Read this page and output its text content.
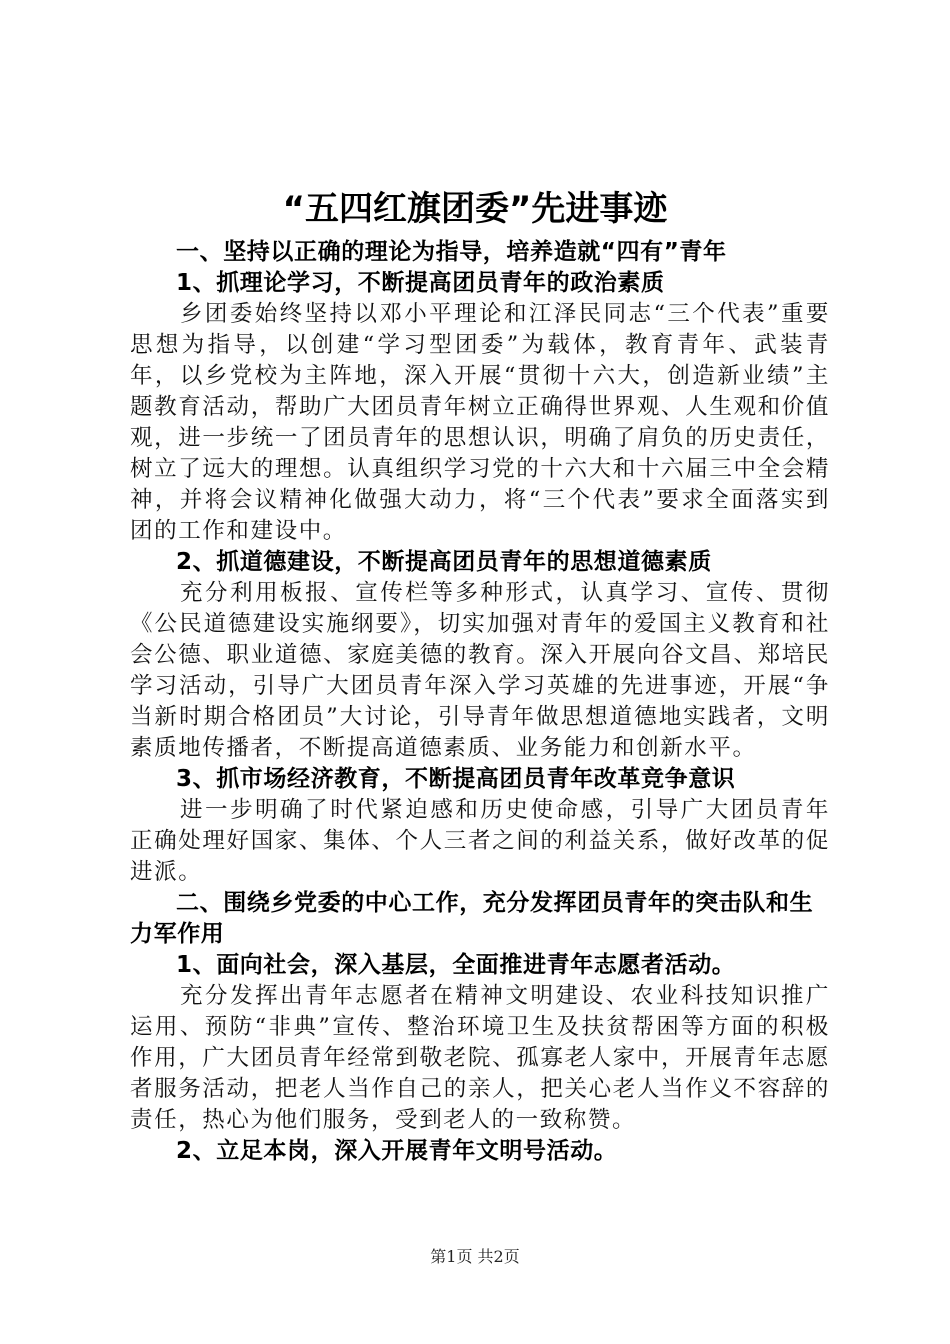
“五四红旗团委”先进事迹

一、坚持以正确的理论为指导，培养造就“四有”青年

1、抓理论学习，不断提高团员青年的政治素质

乡团委始终坚持以邓小平理论和江泽民同志“三个代表”重要思想为指导，以创建“学习型团委”为载体，教育青年、武装青年，以乡党校为主阵地，深入开展“贯彻十六大，创造新业绩”主题教育活动，帮助广大团员青年树立正确得世界观、人生观和价值观，进一步统一了团员青年的思想认识，明确了肩负的历史责任，树立了远大的理想。认真组织学习党的十六大和十六届三中全会精神，并将会议精神化做强大动力，将“三个代表”要求全面落实到团的工作和建设中。

2、抓道德建设，不断提高团员青年的思想道德素质

充分利用板报、宣传栏等多种形式，认真学习、宣传、贯彻《公民道德建设实施纲要》，切实加强对青年的爱国主义教育和社会公德、职业道德、家庭美德的教育。深入开展向谷文昌、郑培民学习活动，引导广大团员青年深入学习英雄的先进事迹，开展“争当新时期合格团员”大讨论，引导青年做思想道德地实践者，文明素质地传播者，不断提高道德素质、业务能力和创新水平。

3、抓市场经济教育，不断提高团员青年改革竞争意识

进一步明确了时代紧迫感和历史使命感，引导广大团员青年正确处理好国家、集体、个人三者之间的利益关系，做好改革的促进派。

二、围绕乡党委的中心工作，充分发挥团员青年的突击队和生力军作用

1、面向社会，深入基层，全面推进青年志愿者活动。

充分发挥出青年志愿者在精神文明建设、农业科技知识推广运用、预防“非典”宣传、整治环境卫生及扶贫帮困等方面的积极作用，广大团员青年经常到敬老院、孤寡老人家中，开展青年志愿者服务活动，把老人当作自己的亲人，把关心老人当作义不容辞的责任，热心为他们服务，受到老人的一致称赞。

2、立足本岗，深入开展青年文明号活动。

第1页 共2页
